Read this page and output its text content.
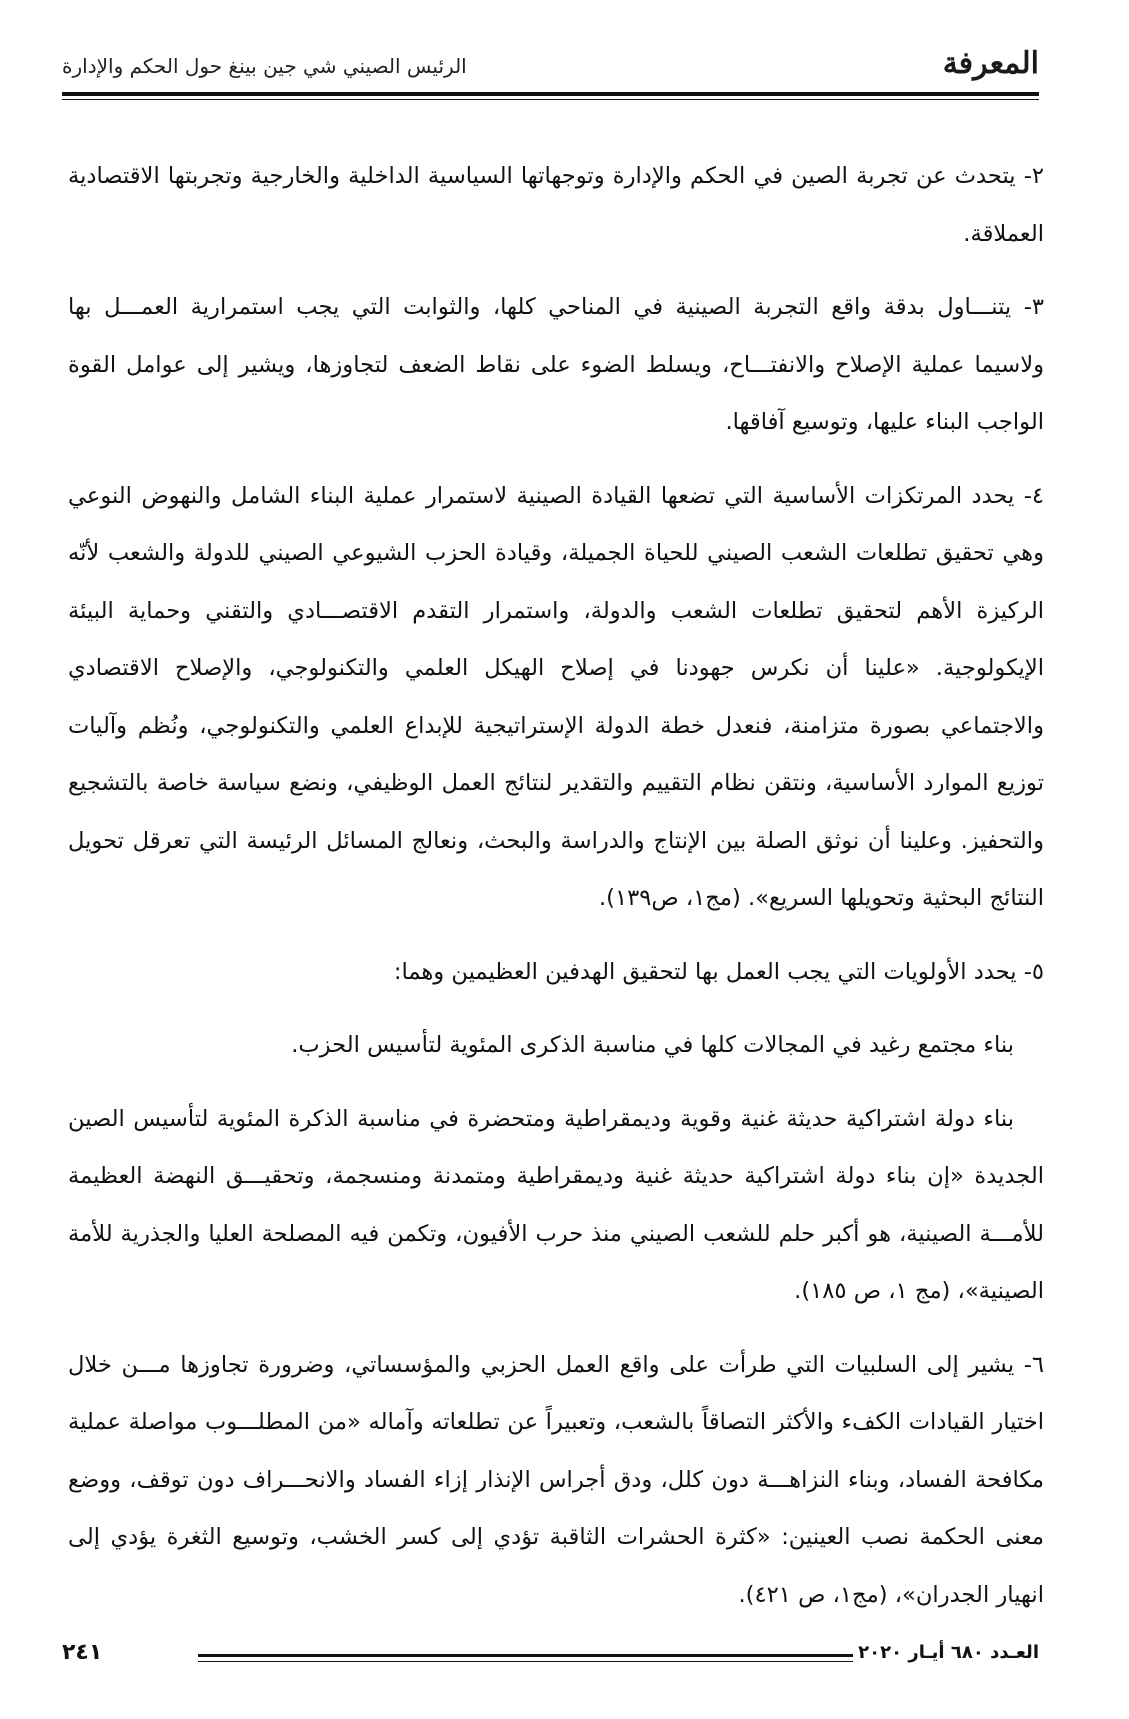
المعرفة
الرئيس الصيني شي جين بينغ حول الحكم والإدارة

٢- يتحدث عن تجربة الصين في الحكم والإدارة وتوجهاتها السياسية الداخلية والخارجية وتجربتها الاقتصادية العملاقة.

٣- يتنـــاول بدقة واقع التجربة الصينية في المناحي كلها، والثوابت التي يجب استمرارية العمـــل بها ولاسيما عملية الإصلاح والانفتـــاح، ويسلط الضوء على نقاط الضعف لتجاوزها، ويشير إلى عوامل القوة الواجب البناء عليها، وتوسيع آفاقها.

٤- يحدد المرتكزات الأساسية التي تضعها القيادة الصينية لاستمرار عملية البناء الشامل والنهوض النوعي وهي تحقيق تطلعات الشعب الصيني للحياة الجميلة، وقيادة الحزب الشيوعي الصيني للدولة والشعب لأنّه الركيزة الأهم لتحقيق تطلعات الشعب والدولة، واستمرار التقدم الاقتصـــادي والتقني وحماية البيئة الإيكولوجية. «علينا أن نكرس جهودنا في إصلاح الهيكل العلمي والتكنولوجي، والإصلاح الاقتصادي والاجتماعي بصورة متزامنة، فنعدل خطة الدولة الإستراتيجية للإبداع العلمي والتكنولوجي، ونُظم وآليات توزيع الموارد الأساسية، ونتقن نظام التقييم والتقدير لنتائج العمل الوظيفي، ونضع سياسة خاصة بالتشجيع والتحفيز. وعلينا أن نوثق الصلة بين الإنتاج والدراسة والبحث، ونعالج المسائل الرئيسة التي تعرقل تحويل النتائج البحثية وتحويلها السريع». (مج١، ص١٣٩).

٥- يحدد الأولويات التي يجب العمل بها لتحقيق الهدفين العظيمين وهما:

بناء مجتمع رغيد في المجالات كلها في مناسبة الذكرى المئوية لتأسيس الحزب.

بناء دولة اشتراكية حديثة غنية وقوية وديمقراطية ومتحضرة في مناسبة الذكرة المئوية لتأسيس الصين الجديدة «إن بناء دولة اشتراكية حديثة غنية وديمقراطية ومتمدنة ومنسجمة، وتحقيـــق النهضة العظيمة للأمـــة الصينية، هو أكبر حلم للشعب الصيني منذ حرب الأفيون، وتكمن فيه المصلحة العليا والجذرية للأمة الصينية»، (مج ١، ص ١٨٥).

٦- يشير إلى السلبيات التي طرأت على واقع العمل الحزبي والمؤسساتي، وضرورة تجاوزها مـــن خلال اختيار القيادات الكفء والأكثر التصاقاً بالشعب، وتعبيراً عن تطلعاته وآماله «من المطلـــوب مواصلة عملية مكافحة الفساد، وبناء النزاهـــة دون كلل، ودق أجراس الإنذار إزاء الفساد والانحـــراف دون توقف، ووضع معنى الحكمة نصب العينين: «كثرة الحشرات الثاقبة تؤدي إلى كسر الخشب، وتوسيع الثغرة يؤدي إلى انهيار الجدران»، (مج١، ص ٤٢١).

٢٤١	العـدد ٦٨٠ أيـار ٢٠٢٠
